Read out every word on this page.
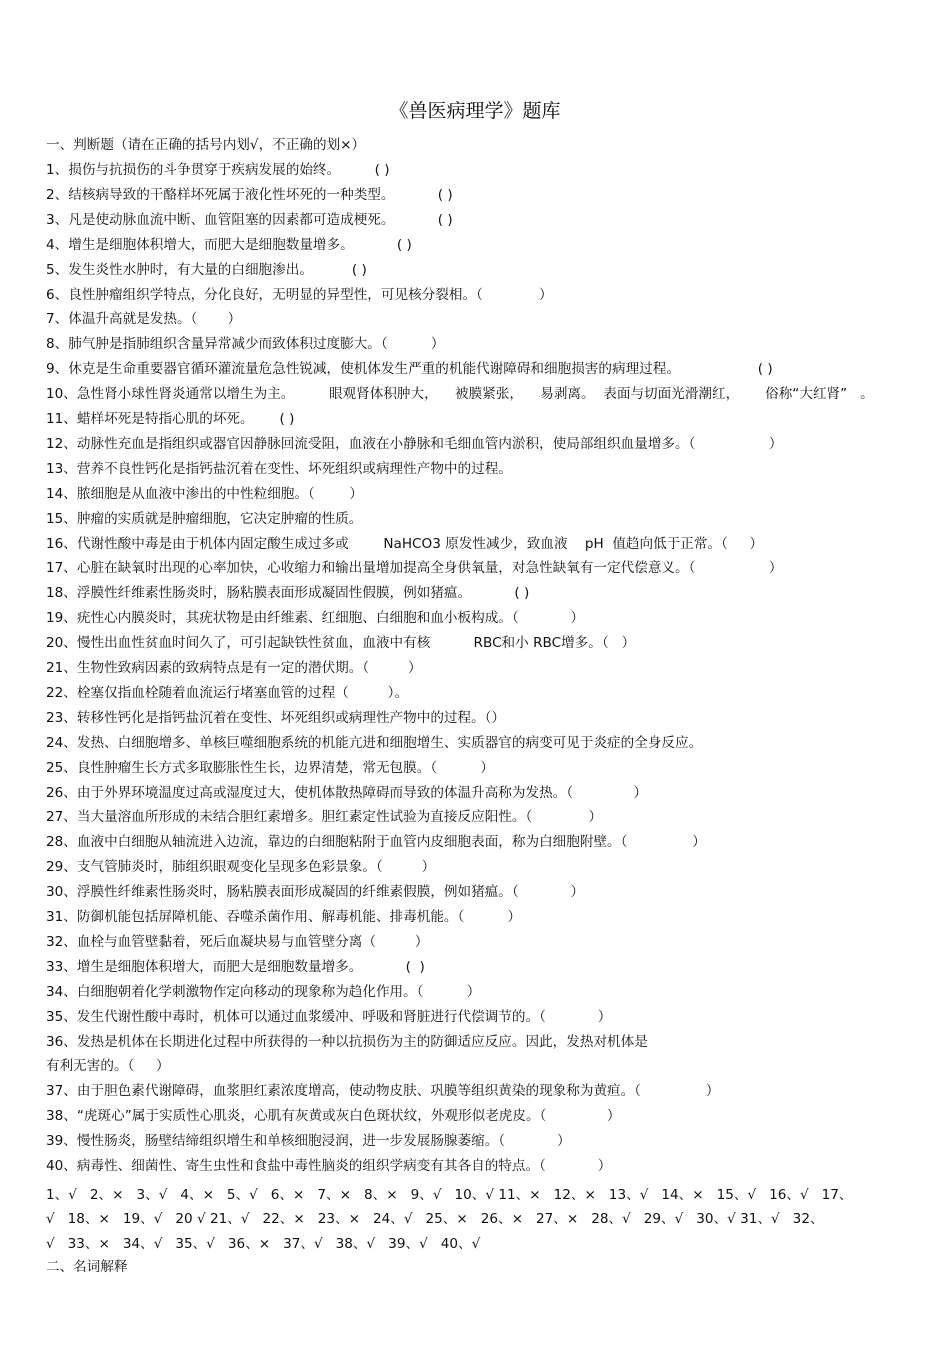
《兽医病理学》题库
一、判断题（请在正确的括号内划√，不正确的划×）
1、损伤与抗损伤的斗争贯穿于疾病发展的始终。        ( )
2、结核病导致的干酪样坏死属于液化性坏死的一种类型。          ( )
3、凡是使动脉血流中断、血管阻塞的因素都可造成梗死。          ( )
4、增生是细胞体积增大，而肥大是细胞数量增多。          ( )
5、发生炎性水肿时，有大量的白细胞渗出。         ( )
6、良性肿瘤组织学特点，分化良好，无明显的异型性，可见核分裂相。（             ）
7、体温升高就是发热。（       ）
8、肺气肿是指肺组织含量异常减少而致体积过度膨大。（          ）
9、休克是生命重要器官循环灌流量危急性锐减，使机体发生严重的机能代谢障碍和细胞损害的病理过程。                  ( )
10、急性肾小球性肾炎通常以增生为主。        眼观肾体积肿大，    被膜紧张，    易剥离。  表面与切面光滑潮红，      俗称“大红肾”   。
11、蜡样坏死是特指心肌的坏死。      ( )
12、动脉性充血是指组织或器官因静脉回流受阻，血液在小静脉和毛细血管内淤积，使局部组织血量增多。（                 ）
13、营养不良性钙化是指钙盐沉着在变性、坏死组织或病理性产物中的过程。
14、脓细胞是从血液中渗出的中性粒细胞。（        ）
15、肿瘤的实质就是肿瘤细胞，它决定肿瘤的性质。
16、代谢性酸中毒是由于机体内固定酸生成过多或        NaHCO3 原发性减少，致血液    pH  值趋向低于正常。（     ）
17、心脏在缺氧时出现的心率加快，心收缩力和输出量增加提高全身供氧量，对急性缺氧有一定代偿意义。（                 ）
18、浮膜性纤维素性肠炎时，肠粘膜表面形成凝固性假膜，例如猪瘟。          ( )
19、疣性心内膜炎时，其疣状物是由纤维素、红细胞、白细胞和血小板构成。（            ）
20、慢性出血性贫血时间久了，可引起缺铁性贫血，血液中有核          RBC和小 RBC增多。（   ）
21、生物性致病因素的致病特点是有一定的潜伏期。（         ）
22、栓塞仅指血栓随着血流运行堵塞血管的过程（         ）。
23、转移性钙化是指钙盐沉着在变性、坏死组织或病理性产物中的过程。（）
24、发热、白细胞增多、单核巨噬细胞系统的机能亢进和细胞增生、实质器官的病变可见于炎症的全身反应。
25、良性肿瘤生长方式多取膨胀性生长，边界清楚，常无包膜。（          ）
26、由于外界环境温度过高或湿度过大，使机体散热障碍而导致的体温升高称为发热。（              ）
27、当大量溶血所形成的未结合胆红素增多。胆红素定性试验为直接反应阳性。（             ）
28、血液中白细胞从轴流进入边流，靠边的白细胞粘附于血管内皮细胞表面，称为白细胞附壁。（               ）
29、支气管肺炎时，肺组织眼观变化呈现多色彩景象。（         ）
30、浮膜性纤维素性肠炎时，肠粘膜表面形成凝固的纤维素假膜，例如猪瘟。（            ）
31、防御机能包括屏障机能、吞噬杀菌作用、解毒机能、排毒机能。（          ）
32、血栓与血管壁黏着，死后血凝块易与血管壁分离（         ）
33、增生是细胞体积增大，而肥大是细胞数量增多。          (  )
34、白细胞朝着化学刺激物作定向移动的现象称为趋化作用。（          ）
35、发生代谢性酸中毒时，机体可以通过血浆缓冲、呼吸和肾脏进行代偿调节的。（            ）
36、发热是机体在长期进化过程中所获得的一种以抗损伤为主的防御适应反应。因此，发热对机体是
有利无害的。（     ）
37、由于胆色素代谢障碍，血浆胆红素浓度增高，使动物皮肤、巩膜等组织黄染的现象称为黄疸。（               ）
38、“虎斑心”属于实质性心肌炎，心肌有灰黄或灰白色斑状纹，外观形似老虎皮。（              ）
39、慢性肠炎，肠壁结缔组织增生和单核细胞浸润，进一步发展肠腺萎缩。（            ）
40、病毒性、细菌性、寄生虫性和食盐中毒性脑炎的组织学病变有其各自的特点。（            ）
1、√   2、×   3、√   4、×   5、√   6、×   7、×   8、×   9、√   10、√ 11、×   12、×   13、√   14、×   15、√   16、√   17、
√   18、×   19、√   20 √ 21、√   22、×   23、×   24、√   25、×   26、×   27、×   28、√   29、√   30、√ 31、√   32、
√   33、×   34、√   35、√   36、×   37、√   38、√   39、√   40、√
二、名词解释
